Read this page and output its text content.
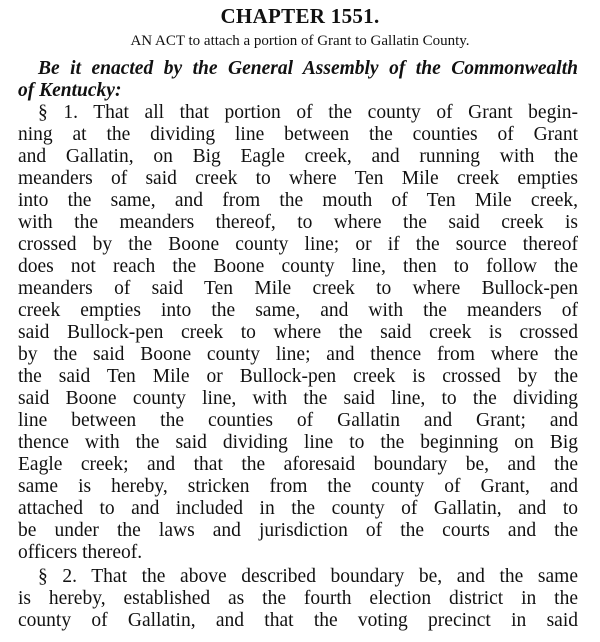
CHAPTER 1551.
AN ACT to attach a portion of Grant to Gallatin County.
Be it enacted by the General Assembly of the Commonwealth
of Kentucky:
§ 1. That all that portion of the county of Grant begin-
ning at the dividing line between the counties of Grant
and Gallatin, on Big Eagle creek, and running with the
meanders of said creek to where Ten Mile creek empties
into the same, and from the mouth of Ten Mile creek,
with the meanders thereof, to where the said creek is
crossed by the Boone county line; or if the source thereof
does not reach the Boone county line, then to follow the
meanders of said Ten Mile creek to where Bullock-pen
creek empties into the same, and with the meanders of
said Bullock-pen creek to where the said creek is crossed
by the said Boone county line; and thence from where the
the said Ten Mile or Bullock-pen creek is crossed by the
said Boone county line, with the said line, to the dividing
line between the counties of Gallatin and Grant; and
thence with the said dividing line to the beginning on Big
Eagle creek; and that the aforesaid boundary be, and the
same is hereby, stricken from the county of Grant, and
attached to and included in the county of Gallatin, and to
be under the laws and jurisdiction of the courts and the
officers thereof.
§ 2. That the above described boundary be, and the same
is hereby, established as the fourth election district in the
county of Gallatin, and that the voting precinct in said
